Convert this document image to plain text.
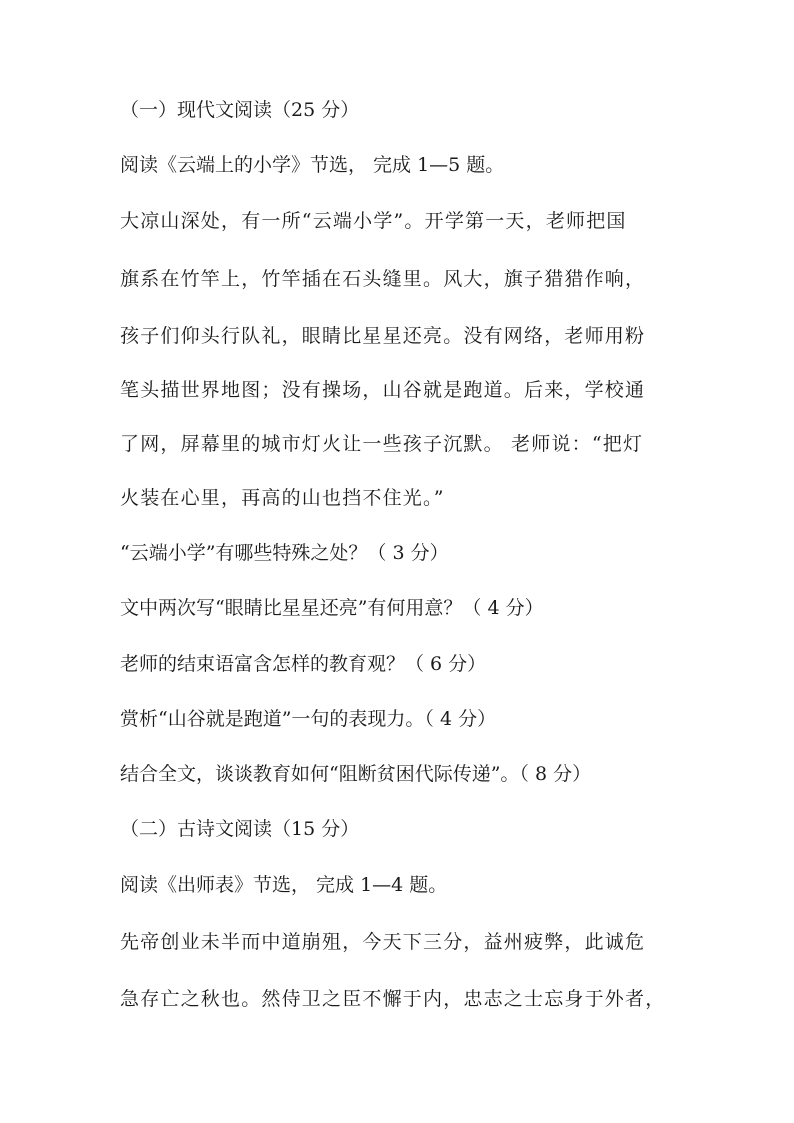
（一）现代文阅读（25 分）
阅读《云端上的小学》节选， 完成 1—5 题。
大凉山深处，有一所“云端小学”。开学第一天，老师把国
旗系在竹竿上，竹竿插在石头缝里。风大，旗子猎猎作响，
孩子们仰头行队礼，眼睛比星星还亮。没有网络，老师用粉
笔头描世界地图；没有操场，山谷就是跑道。后来，学校通
了网，屏幕里的城市灯火让一些孩子沉默。 老师说：“把灯
火装在心里，再高的山也挡不住光。”
“云端小学”有哪些特殊之处？（ 3 分）
文中两次写“眼睛比星星还亮”有何用意？（ 4 分）
老师的结束语富含怎样的教育观？（ 6 分）
赏析“山谷就是跑道”一句的表现力。（ 4 分）
结合全文，谈谈教育如何“阻断贫困代际传递”。（ 8 分）
（二）古诗文阅读（15 分）
阅读《出师表》节选， 完成 1—4 题。
先帝创业未半而中道崩殂，今天下三分，益州疲弊，此诚危
急存亡之秋也。然侍卫之臣不懈于内，忠志之士忘身于外者，
